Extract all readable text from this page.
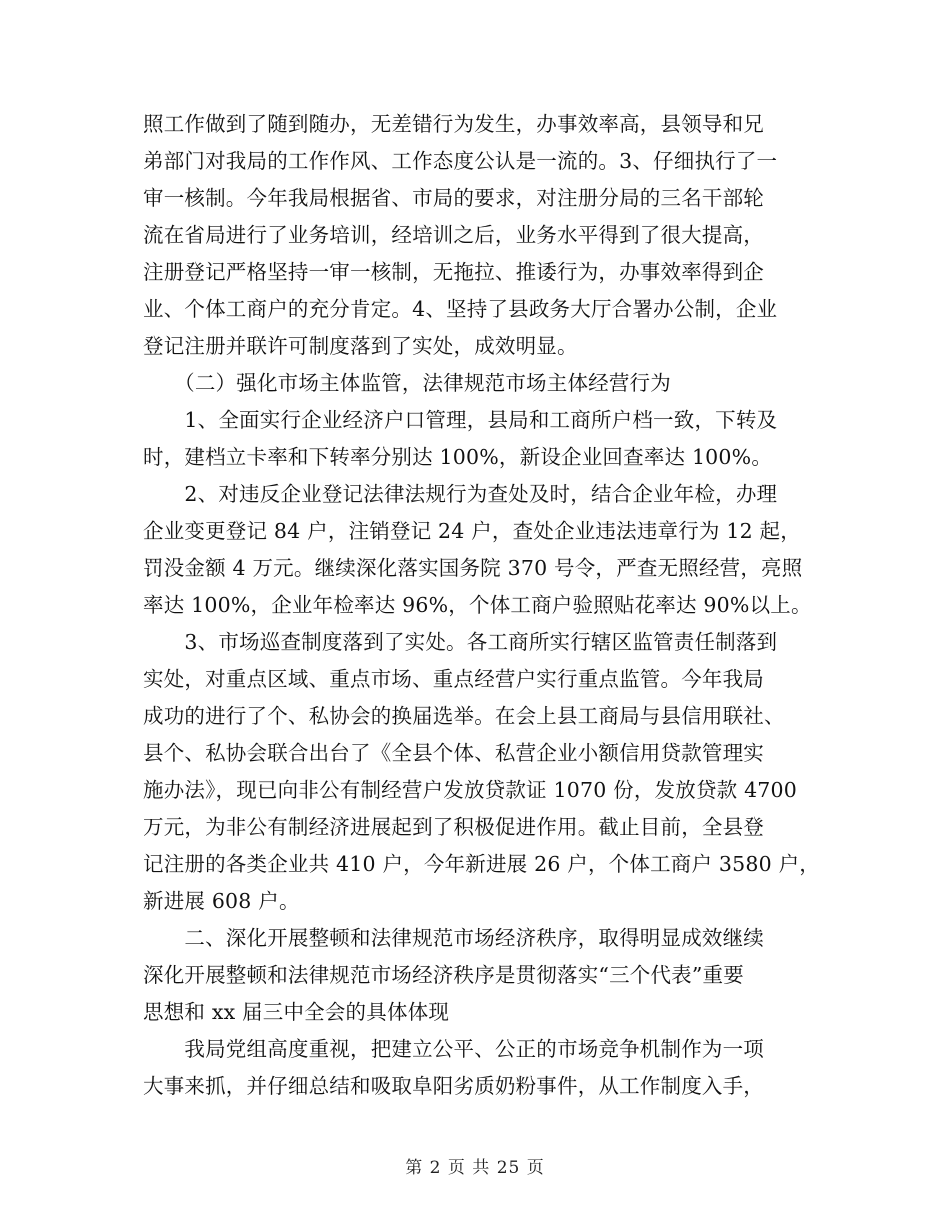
照工作做到了随到随办，无差错行为发生，办事效率高，县领导和兄
弟部门对我局的工作作风、工作态度公认是一流的。3、仔细执行了一
审一核制。今年我局根据省、市局的要求，对注册分局的三名干部轮
流在省局进行了业务培训，经培训之后，业务水平得到了很大提高，
注册登记严格坚持一审一核制，无拖拉、推诿行为，办事效率得到企
业、个体工商户的充分肯定。4、坚持了县政务大厅合署办公制，企业
登记注册并联许可制度落到了实处，成效明显。
　　（二）强化市场主体监管，法律规范市场主体经营行为
　　1、全面实行企业经济户口管理，县局和工商所户档一致，下转及
时，建档立卡率和下转率分别达 100%，新设企业回查率达 100%。
　　2、对违反企业登记法律法规行为查处及时，结合企业年检，办理
企业变更登记 84 户，注销登记 24 户，查处企业违法违章行为 12 起，
罚没金额 4 万元。继续深化落实国务院 370 号令，严查无照经营，亮照
率达 100%，企业年检率达 96%，个体工商户验照贴花率达 90%以上。
　　3、市场巡查制度落到了实处。各工商所实行辖区监管责任制落到
实处，对重点区域、重点市场、重点经营户实行重点监管。今年我局
成功的进行了个、私协会的换届选举。在会上县工商局与县信用联社、
县个、私协会联合出台了《全县个体、私营企业小额信用贷款管理实
施办法》，现已向非公有制经营户发放贷款证 1070 份，发放贷款 4700
万元，为非公有制经济进展起到了积极促进作用。截止目前，全县登
记注册的各类企业共 410 户，今年新进展 26 户，个体工商户 3580 户，
新进展 608 户。
　　二、深化开展整顿和法律规范市场经济秩序，取得明显成效继续
深化开展整顿和法律规范市场经济秩序是贯彻落实“三个代表”重要
思想和 xx 届三中全会的具体体现
　　我局党组高度重视，把建立公平、公正的市场竞争机制作为一项
大事来抓，并仔细总结和吸取阜阳劣质奶粉事件，从工作制度入手，
第 2 页 共 25 页
